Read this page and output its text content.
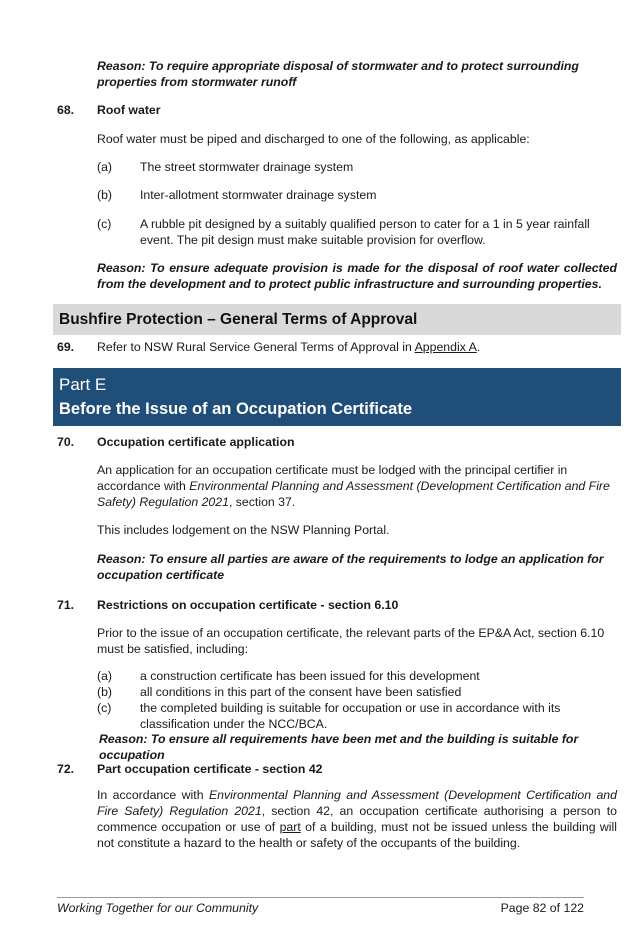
Reason: To require appropriate disposal of stormwater and to protect surrounding properties from stormwater runoff
68. Roof water
Roof water must be piped and discharged to one of the following, as applicable:
(a) The street stormwater drainage system
(b) Inter-allotment stormwater drainage system
(c) A rubble pit designed by a suitably qualified person to cater for a 1 in 5 year rainfall event. The pit design must make suitable provision for overflow.
Reason: To ensure adequate provision is made for the disposal of roof water collected from the development and to protect public infrastructure and surrounding properties.
Bushfire Protection – General Terms of Approval
69. Refer to NSW Rural Service General Terms of Approval in Appendix A.
Part E
Before the Issue of an Occupation Certificate
70. Occupation certificate application
An application for an occupation certificate must be lodged with the principal certifier in accordance with Environmental Planning and Assessment (Development Certification and Fire Safety) Regulation 2021, section 37.
This includes lodgement on the NSW Planning Portal.
Reason: To ensure all parties are aware of the requirements to lodge an application for occupation certificate
71. Restrictions on occupation certificate - section 6.10
Prior to the issue of an occupation certificate, the relevant parts of the EP&A Act, section 6.10 must be satisfied, including:
(a) a construction certificate has been issued for this development
(b) all conditions in this part of the consent have been satisfied
(c) the completed building is suitable for occupation or use in accordance with its classification under the NCC/BCA.
Reason: To ensure all requirements have been met and the building is suitable for occupation
72. Part occupation certificate - section 42
In accordance with Environmental Planning and Assessment (Development Certification and Fire Safety) Regulation 2021, section 42, an occupation certificate authorising a person to commence occupation or use of part of a building, must not be issued unless the building will not constitute a hazard to the health or safety of the occupants of the building.
Working Together for our Community	Page 82 of 122
